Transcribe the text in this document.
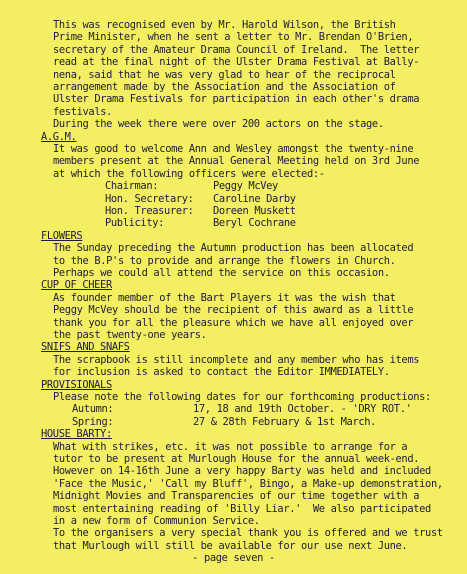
This was recognised even by Mr. Harold Wilson, the British
Prime Minister, when he sent a letter to Mr. Brendan O'Brien,
secretary of the Amateur Drama Council of Ireland.  The letter
read at the final night of the Ulster Drama Festival at Bally-
nena, said that he was very glad to hear of the reciprocal
arrangement made by the Association and the Association of
Ulster Drama Festivals for participation in each other's drama
festivals.
During the week there were over 200 actors on the stage.
A.G.M.
It was good to welcome Ann and Wesley amongst the twenty-nine
members present at the Annual General Meeting held on 3rd June
at which the following officers were elected:-
Chairman:	Peggy McVey
Hon. Secretary: Caroline Darby
Hon. Treasurer: Doreen Muskett
Publicity:	Beryl Cochrane
FLOWERS
The Sunday preceding the Autumn production has been allocated
to the B.P's to provide and arrange the flowers in Church.
Perhaps we could all attend the service on this occasion.
CUP OF CHEER
As founder member of the Bart Players it was the wish that
Peggy McVey should be the recipient of this award as a little
thank you for all the pleasure which we have all enjoyed over
the past twenty-one years.
SNIFS AND SNAFS
The scrapbook is still incomplete and any member who has items
for inclusion is asked to contact the Editor IMMEDIATELY.
PROVISIONALS
Please note the following dates for our forthcoming productions:
Autumn:	17, 18 and 19th October. - 'DRY ROT.'
Spring:	27 & 28th February & 1st March.
HOUSE BARTY:
What with strikes, etc. it was not possible to arrange for a
tutor to be present at Murlough House for the annual week-end.
However on 14-16th June a very happy Barty was held and included
'Face the Music,' 'Call my Bluff', Bingo, a Make-up demonstration,
Midnight Movies and Transparencies of our time together with a
most entertaining reading of 'Billy Liar.'  We also participated
in a new form of Communion Service.
To the organisers a very special thank you is offered and we trust
that Murlough will still be available for our use next June.
- page seven -
